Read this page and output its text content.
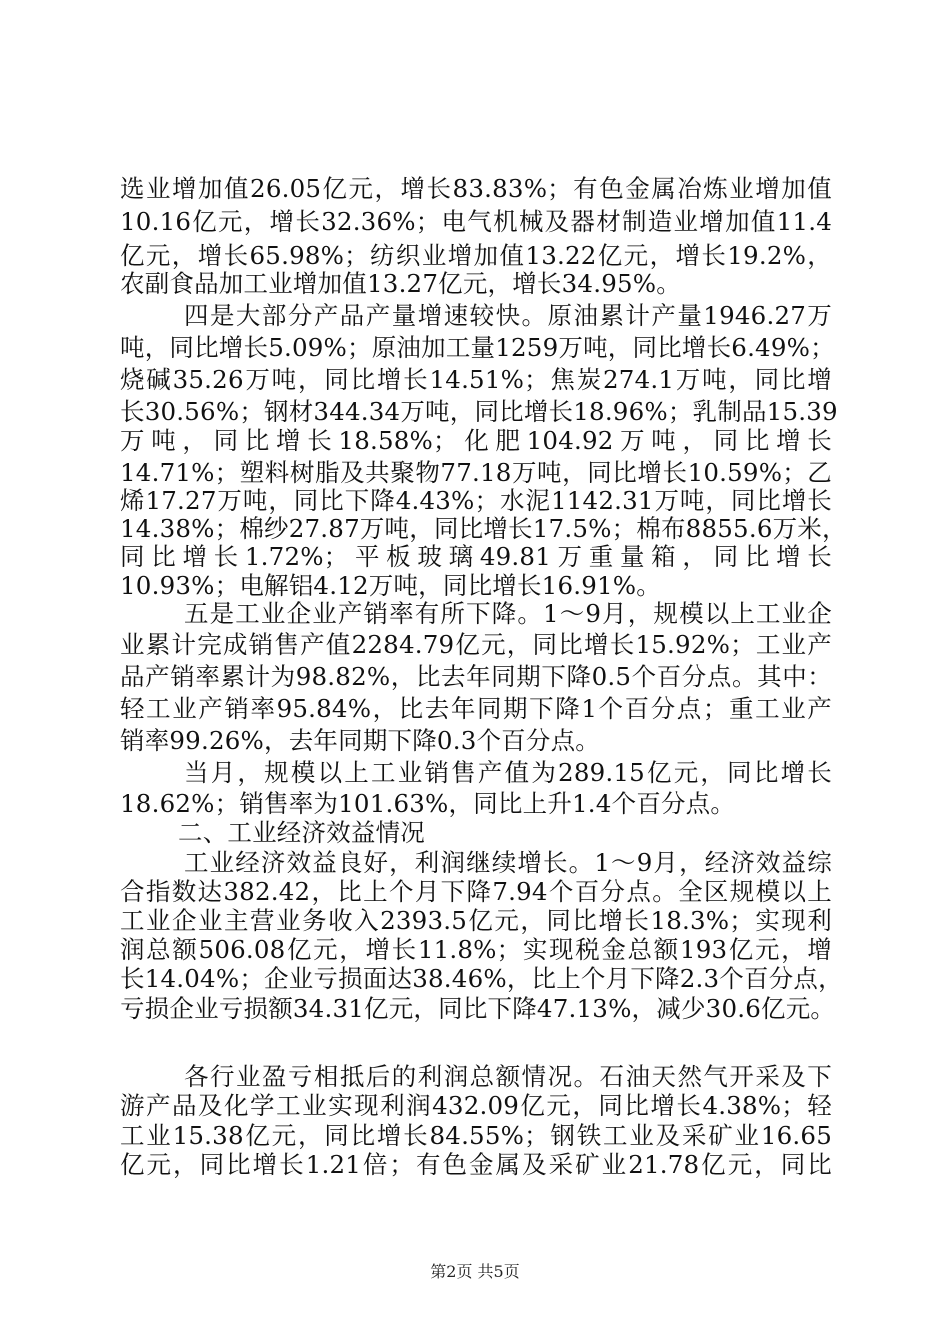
选业增加值26.05亿元，增长83.83%；有色金属冶炼业增加值
10.16亿元，增长32.36%；电气机械及器材制造业增加值11.4
亿元，增长65.98%；纺织业增加值13.22亿元，增长19.2%，
农副食品加工业增加值13.27亿元，增长34.95%。
四是大部分产品产量增速较快。原油累计产量1946.27万
吨，同比增长5.09%；原油加工量1259万吨，同比增长6.49%；
烧碱35.26万吨，同比增长14.51%；焦炭274.1万吨，同比增
长30.56%；钢材344.34万吨，同比增长18.96%；乳制品15.39
万吨，同比增长18.58%；化肥104.92万吨，同比增长
14.71%；塑料树脂及共聚物77.18万吨，同比增长10.59%；乙
烯17.27万吨，同比下降4.43%；水泥1142.31万吨，同比增长
14.38%；棉纱27.87万吨，同比增长17.5%；棉布8855.6万米，
同比增长1.72%；平板玻璃49.81万重量箱，同比增长
10.93%；电解铝4.12万吨，同比增长16.91%。
五是工业企业产销率有所下降。1～9月，规模以上工业企
业累计完成销售产值2284.79亿元，同比增长15.92%；工业产
品产销率累计为98.82%，比去年同期下降0.5个百分点。其中：
轻工业产销率95.84%，比去年同期下降1个百分点；重工业产
销率99.26%，去年同期下降0.3个百分点。
当月，规模以上工业销售产值为289.15亿元，同比增长
18.62%；销售率为101.63%，同比上升1.4个百分点。
二、工业经济效益情况
工业经济效益良好，利润继续增长。1～9月，经济效益综
合指数达382.42，比上个月下降7.94个百分点。全区规模以上
工业企业主营业务收入2393.5亿元，同比增长18.3%；实现利
润总额506.08亿元，增长11.8%；实现税金总额193亿元，增
长14.04%；企业亏损面达38.46%，比上个月下降2.3个百分点，
亏损企业亏损额34.31亿元，同比下降47.13%，减少30.6亿元。
各行业盈亏相抵后的利润总额情况。石油天然气开采及下
游产品及化学工业实现利润432.09亿元，同比增长4.38%；轻
工业15.38亿元，同比增长84.55%；钢铁工业及采矿业16.65
亿元，同比增长1.21倍；有色金属及采矿业21.78亿元，同比
第2页 共5页
